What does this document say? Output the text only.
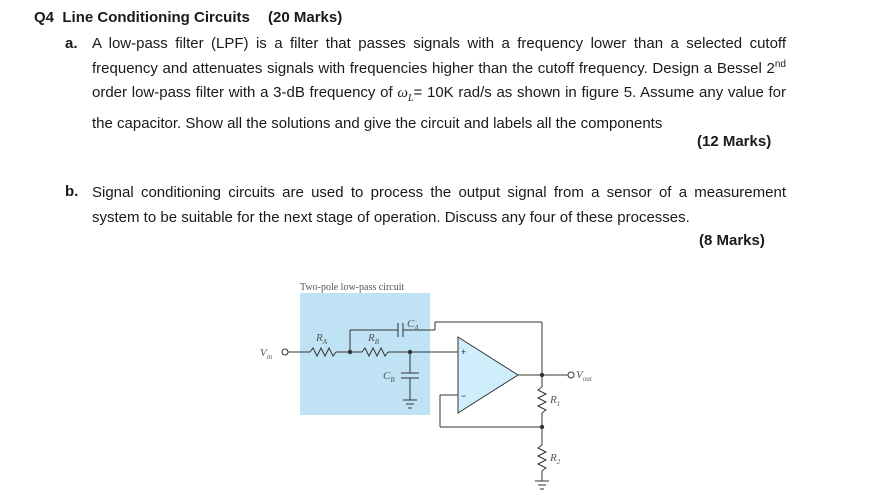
Q4 Line Conditioning Circuits (20 Marks)
a. A low-pass filter (LPF) is a filter that passes signals with a frequency lower than a selected cutoff frequency and attenuates signals with frequencies higher than the cutoff frequency. Design a Bessel 2nd order low-pass filter with a 3-dB frequency of $\omega_L= 10K$ rad/s as shown in figure 5. Assume any value for the capacitor. Show all the solutions and give the circuit and labels all the components
(12 Marks)
b. Signal conditioning circuits are used to process the output signal from a sensor of a measurement system to be suitable for the next stage of operation. Discuss any four of these processes.
(8 Marks)
Two-pole low-pass circuit
$V_{in}$
$R_A$	$R_B$
$C_A$
$C_B$	$V_{out}$
$R_1$
$R_2$
+
−
